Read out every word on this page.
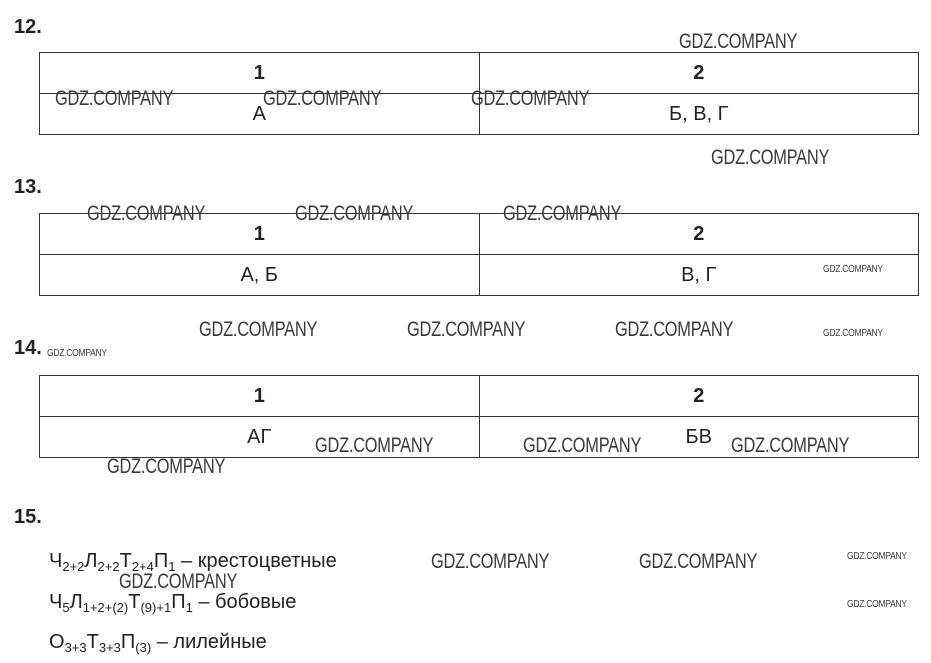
12.
1	2
А	Б, В, Г
13.
1	2
А, Б	В, Г
14.
1	2
АГ	БВ
15.
$Ч_{2+2}Л_{2+2}Т_{2+4}П_1$ – крестоцветные
$Ч_5Л_{1+2+(2)}Т_{(9)+1}П_1$ – бобовые
$О_{3+3}Т_{3+3}П_{(3)}$ – лилейные
GDZ.COMPANY
GDZ.COMPANY	GDZ.COMPANY	GDZ.COMPANY
GDZ.COMPANY
GDZ.COMPANY	GDZ.COMPANY	GDZ.COMPANY
GDZ.COMPANY
GDZ.COMPANY	GDZ.COMPANY	GDZ.COMPANY	GDZ.COMPANY
GDZ.COMPANY
GDZ.COMPANY	GDZ.COMPANY	GDZ.COMPANY
GDZ.COMPANY
GDZ.COMPANY	GDZ.COMPANY	GDZ.COMPANY
GDZ.COMPANY
GDZ.COMPANY
